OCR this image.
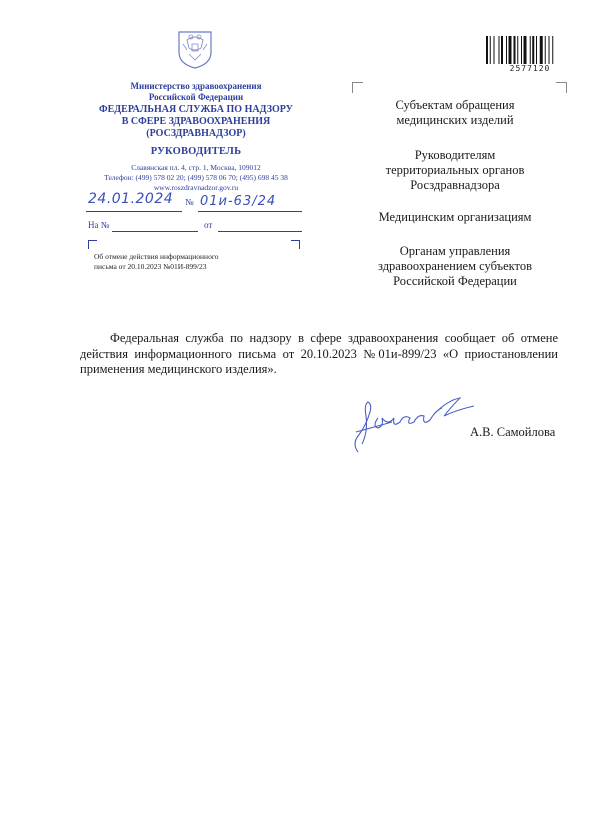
Министерство здравоохранения
Российской Федерации
ФЕДЕРАЛЬНАЯ СЛУЖБА ПО НАДЗОРУ
В СФЕРЕ ЗДРАВООХРАНЕНИЯ
(РОСЗДРАВНАДЗОР)
РУКОВОДИТЕЛЬ
Славянская пл. 4, стр. 1, Москва, 109012
Телефон: (499) 578 02 20; (499) 578 06 70; (495) 698 45 38
www.roszdravnadzor.gov.ru
24.01.2024 № 01и-63/24
На №	от
Об отмене действия информационного
письма от 20.10.2023 №01И-899/23
2577120
Субъектам обращения
медицинских изделий
Руководителям
территориальных органов
Росздравнадзора
Медицинским организациям
Органам управления
здравоохранением субъектов
Российской Федерации
Федеральная служба по надзору в сфере здравоохранения сообщает об отмене действия информационного письма от 20.10.2023 №01и-899/23 «О приостановлении применения медицинского изделия».
А.В. Самойлова
